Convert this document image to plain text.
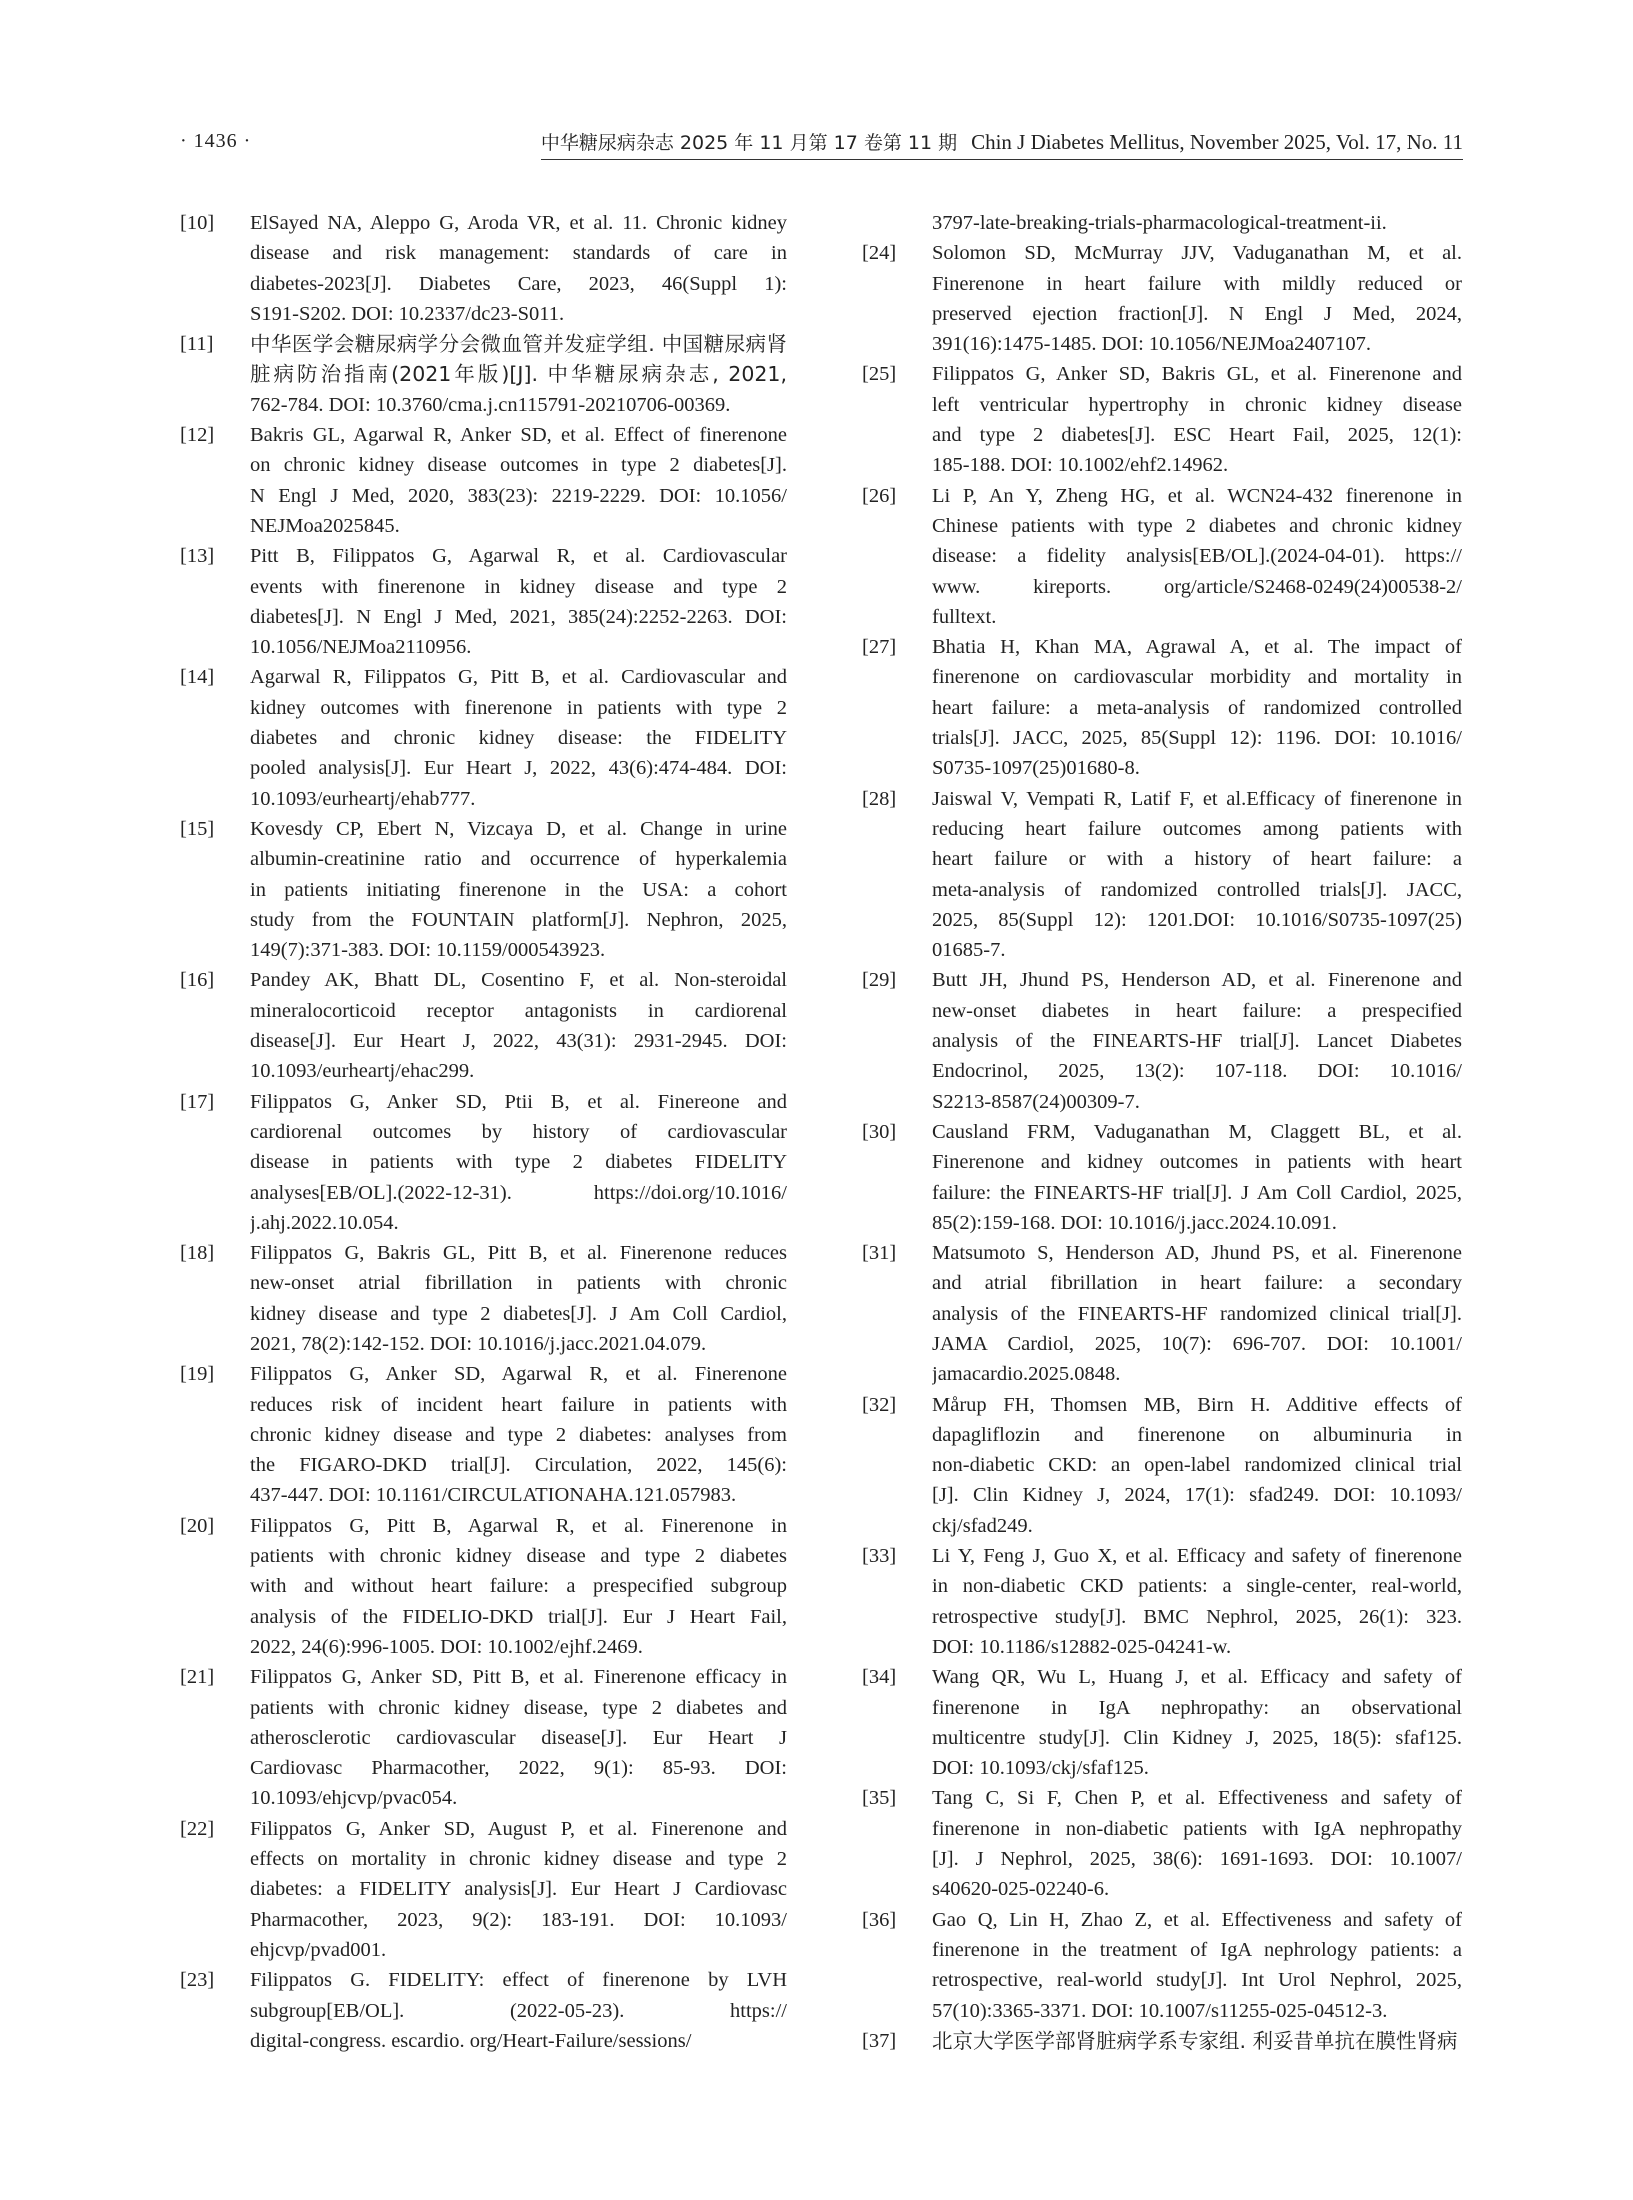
· 1436 ·	中华糖尿病杂志 2025 年 11 月第 17 卷第 11 期 Chin J Diabetes Mellitus, November 2025, Vol. 17, No. 11
[10] ElSayed NA, Aleppo G, Aroda VR, et al. 11. Chronic kidney
disease and risk management: standards of care in
diabetes-2023[J]. Diabetes Care, 2023, 46(Suppl 1):
S191-S202. DOI: 10.2337/dc23-S011.
[11] 中华医学会糖尿病学分会微血管并发症学组. 中国糖尿病肾
脏病防治指南(2021年版)[J]. 中华糖尿病杂志, 2021,
762-784. DOI: 10.3760/cma.j.cn115791-20210706-00369.
[12] Bakris GL, Agarwal R, Anker SD, et al. Effect of finerenone
on chronic kidney disease outcomes in type 2 diabetes[J].
N Engl J Med, 2020, 383(23): 2219-2229. DOI: 10.1056/
NEJMoa2025845.
[13] Pitt B, Filippatos G, Agarwal R, et al. Cardiovascular
events with finerenone in kidney disease and type 2
diabetes[J]. N Engl J Med, 2021, 385(24):2252-2263. DOI:
10.1056/NEJMoa2110956.
[14] Agarwal R, Filippatos G, Pitt B, et al. Cardiovascular and
kidney outcomes with finerenone in patients with type 2
diabetes and chronic kidney disease: the FIDELITY
pooled analysis[J]. Eur Heart J, 2022, 43(6):474-484. DOI:
10.1093/eurheartj/ehab777.
[15] Kovesdy CP, Ebert N, Vizcaya D, et al. Change in urine
albumin-creatinine ratio and occurrence of hyperkalemia
in patients initiating finerenone in the USA: a cohort
study from the FOUNTAIN platform[J]. Nephron, 2025,
149(7):371-383. DOI: 10.1159/000543923.
[16] Pandey AK, Bhatt DL, Cosentino F, et al. Non-steroidal
mineralocorticoid receptor antagonists in cardiorenal
disease[J]. Eur Heart J, 2022, 43(31): 2931-2945. DOI:
10.1093/eurheartj/ehac299.
[17] Filippatos G, Anker SD, Ptii B, et al. Finereone and
cardiorenal outcomes by history of cardiovascular
disease in patients with type 2 diabetes FIDELITY
analyses[EB/OL].(2022-12-31). https://doi.org/10.1016/
j.ahj.2022.10.054.
[18] Filippatos G, Bakris GL, Pitt B, et al. Finerenone reduces
new-onset atrial fibrillation in patients with chronic
kidney disease and type 2 diabetes[J]. J Am Coll Cardiol,
2021, 78(2):142-152. DOI: 10.1016/j.jacc.2021.04.079.
[19] Filippatos G, Anker SD, Agarwal R, et al. Finerenone
reduces risk of incident heart failure in patients with
chronic kidney disease and type 2 diabetes: analyses from
the FIGARO-DKD trial[J]. Circulation, 2022, 145(6):
437-447. DOI: 10.1161/CIRCULATIONAHA.121.057983.
[20] Filippatos G, Pitt B, Agarwal R, et al. Finerenone in
patients with chronic kidney disease and type 2 diabetes
with and without heart failure: a prespecified subgroup
analysis of the FIDELIO-DKD trial[J]. Eur J Heart Fail,
2022, 24(6):996-1005. DOI: 10.1002/ejhf.2469.
[21] Filippatos G, Anker SD, Pitt B, et al. Finerenone efficacy in
patients with chronic kidney disease, type 2 diabetes and
atherosclerotic cardiovascular disease[J]. Eur Heart J
Cardiovasc Pharmacother, 2022, 9(1): 85-93. DOI:
10.1093/ehjcvp/pvac054.
[22] Filippatos G, Anker SD, August P, et al. Finerenone and
effects on mortality in chronic kidney disease and type 2
diabetes: a FIDELITY analysis[J]. Eur Heart J Cardiovasc
Pharmacother, 2023, 9(2): 183-191. DOI: 10.1093/
ehjcvp/pvad001.
[23] Filippatos G. FIDELITY: effect of finerenone by LVH
subgroup[EB/OL]. (2022-05-23). https://
digital-congress. escardio. org/Heart-Failure/sessions/
3797-late-breaking-trials-pharmacological-treatment-ii.
[24] Solomon SD, McMurray JJV, Vaduganathan M, et al.
Finerenone in heart failure with mildly reduced or
preserved ejection fraction[J]. N Engl J Med, 2024,
391(16):1475-1485. DOI: 10.1056/NEJMoa2407107.
[25] Filippatos G, Anker SD, Bakris GL, et al. Finerenone and
left ventricular hypertrophy in chronic kidney disease
and type 2 diabetes[J]. ESC Heart Fail, 2025, 12(1):
185-188. DOI: 10.1002/ehf2.14962.
[26] Li P, An Y, Zheng HG, et al. WCN24-432 finerenone in
Chinese patients with type 2 diabetes and chronic kidney
disease: a fidelity analysis[EB/OL].(2024-04-01). https://
www. kireports. org/article/S2468-0249(24)00538-2/
fulltext.
[27] Bhatia H, Khan MA, Agrawal A, et al. The impact of
finerenone on cardiovascular morbidity and mortality in
heart failure: a meta-analysis of randomized controlled
trials[J]. JACC, 2025, 85(Suppl 12): 1196. DOI: 10.1016/
S0735-1097(25)01680-8.
[28] Jaiswal V, Vempati R, Latif F, et al.Efficacy of finerenone in
reducing heart failure outcomes among patients with
heart failure or with a history of heart failure: a
meta-analysis of randomized controlled trials[J]. JACC,
2025, 85(Suppl 12): 1201.DOI: 10.1016/S0735-1097(25)
01685-7.
[29] Butt JH, Jhund PS, Henderson AD, et al. Finerenone and
new-onset diabetes in heart failure: a prespecified
analysis of the FINEARTS-HF trial[J]. Lancet Diabetes
Endocrinol, 2025, 13(2): 107-118. DOI: 10.1016/
S2213-8587(24)00309-7.
[30] Causland FRM, Vaduganathan M, Claggett BL, et al.
Finerenone and kidney outcomes in patients with heart
failure: the FINEARTS-HF trial[J]. J Am Coll Cardiol, 2025,
85(2):159-168. DOI: 10.1016/j.jacc.2024.10.091.
[31] Matsumoto S, Henderson AD, Jhund PS, et al. Finerenone
and atrial fibrillation in heart failure: a secondary
analysis of the FINEARTS-HF randomized clinical trial[J].
JAMA Cardiol, 2025, 10(7): 696-707. DOI: 10.1001/
jamacardio.2025.0848.
[32] Mårup FH, Thomsen MB, Birn H. Additive effects of
dapagliflozin and finerenone on albuminuria in
non-diabetic CKD: an open-label randomized clinical trial
[J]. Clin Kidney J, 2024, 17(1): sfad249. DOI: 10.1093/
ckj/sfad249.
[33] Li Y, Feng J, Guo X, et al. Efficacy and safety of finerenone
in non-diabetic CKD patients: a single-center, real-world,
retrospective study[J]. BMC Nephrol, 2025, 26(1): 323.
DOI: 10.1186/s12882-025-04241-w.
[34] Wang QR, Wu L, Huang J, et al. Efficacy and safety of
finerenone in IgA nephropathy: an observational
multicentre study[J]. Clin Kidney J, 2025, 18(5): sfaf125.
DOI: 10.1093/ckj/sfaf125.
[35] Tang C, Si F, Chen P, et al. Effectiveness and safety of
finerenone in non-diabetic patients with IgA nephropathy
[J]. J Nephrol, 2025, 38(6): 1691-1693. DOI: 10.1007/
s40620-025-02240-6.
[36] Gao Q, Lin H, Zhao Z, et al. Effectiveness and safety of
finerenone in the treatment of IgA nephrology patients: a
retrospective, real-world study[J]. Int Urol Nephrol, 2025,
57(10):3365-3371. DOI: 10.1007/s11255-025-04512-3.
[37] 北京大学医学部肾脏病学系专家组. 利妥昔单抗在膜性肾病
